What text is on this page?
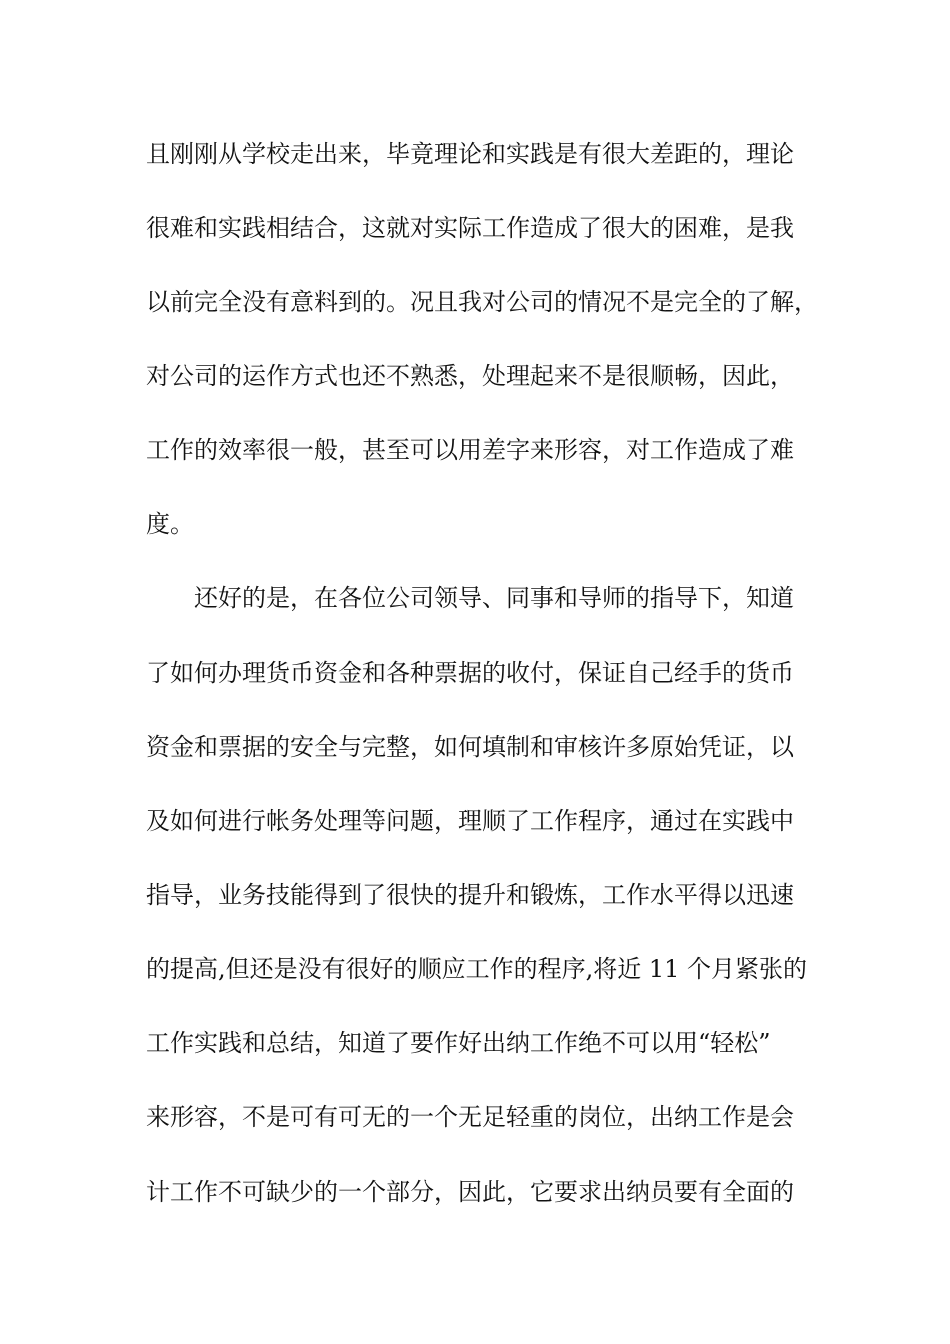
且刚刚从学校走出来，毕竟理论和实践是有很大差距的，理论
很难和实践相结合，这就对实际工作造成了很大的困难，是我
以前完全没有意料到的。况且我对公司的情况不是完全的了解，
对公司的运作方式也还不熟悉，处理起来不是很顺畅，因此，
工作的效率很一般，甚至可以用差字来形容，对工作造成了难
度。
还好的是，在各位公司领导、同事和导师的指导下，知道
了如何办理货币资金和各种票据的收付，保证自己经手的货币
资金和票据的安全与完整，如何填制和审核许多原始凭证，以
及如何进行帐务处理等问题，理顺了工作程序，通过在实践中
指导，业务技能得到了很快的提升和锻炼，工作水平得以迅速
的提高,但还是没有很好的顺应工作的程序,将近 11 个月紧张的
工作实践和总结，知道了要作好出纳工作绝不可以用“轻松”
来形容，不是可有可无的一个无足轻重的岗位，出纳工作是会
计工作不可缺少的一个部分，因此，它要求出纳员要有全面的
